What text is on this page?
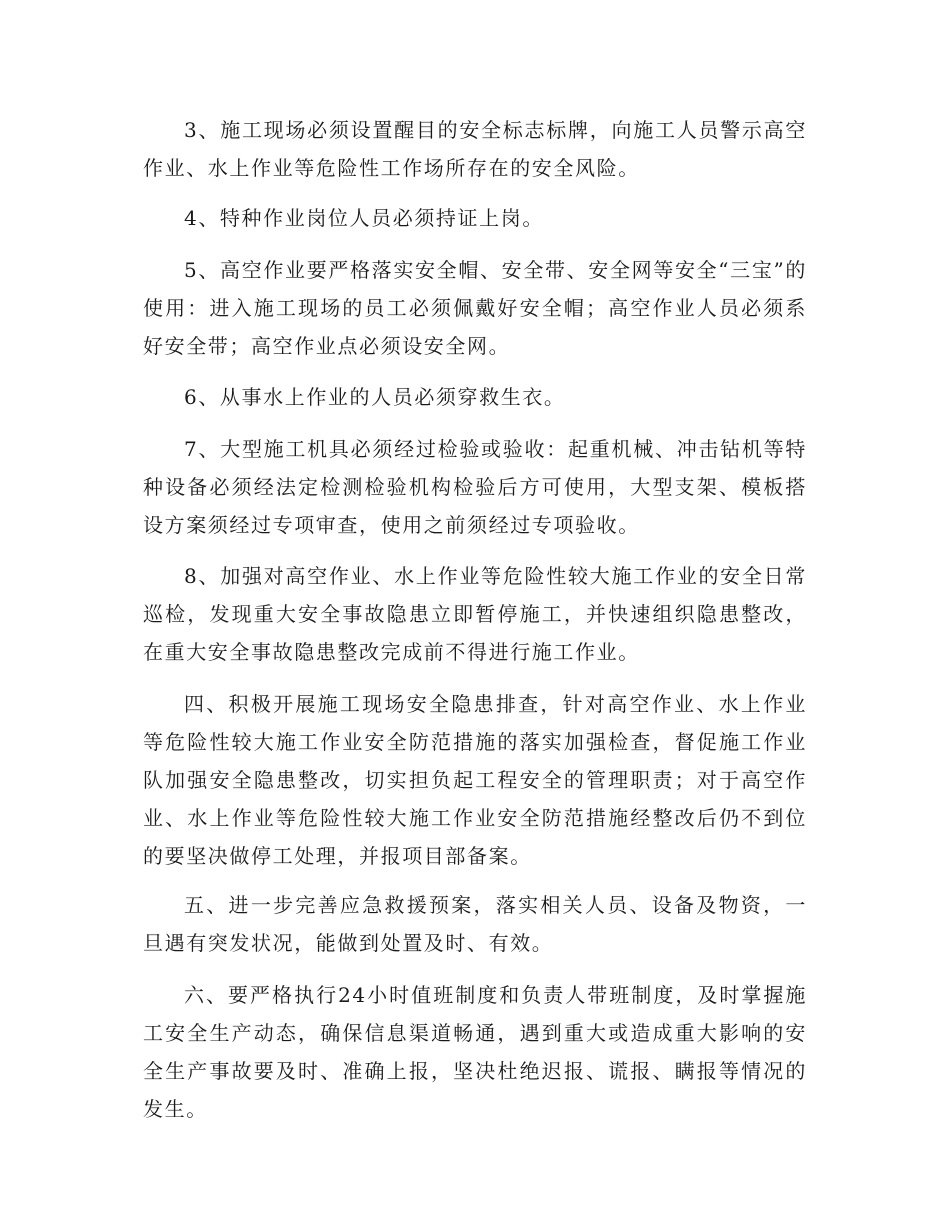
3、施工现场必须设置醒目的安全标志标牌，向施工人员警示高空作业、水上作业等危险性工作场所存在的安全风险。

4、特种作业岗位人员必须持证上岗。

5、高空作业要严格落实安全帽、安全带、安全网等安全“三宝”的使用：进入施工现场的员工必须佩戴好安全帽；高空作业人员必须系好安全带；高空作业点必须设安全网。

6、从事水上作业的人员必须穿救生衣。

7、大型施工机具必须经过检验或验收：起重机械、冲击钻机等特种设备必须经法定检测检验机构检验后方可使用，大型支架、模板搭设方案须经过专项审查，使用之前须经过专项验收。

8、加强对高空作业、水上作业等危险性较大施工作业的安全日常巡检，发现重大安全事故隐患立即暂停施工，并快速组织隐患整改，在重大安全事故隐患整改完成前不得进行施工作业。

四、积极开展施工现场安全隐患排查，针对高空作业、水上作业等危险性较大施工作业安全防范措施的落实加强检查，督促施工作业队加强安全隐患整改，切实担负起工程安全的管理职责；对于高空作业、水上作业等危险性较大施工作业安全防范措施经整改后仍不到位的要坚决做停工处理，并报项目部备案。

五、进一步完善应急救援预案，落实相关人员、设备及物资，一旦遇有突发状况，能做到处置及时、有效。

六、要严格执行24小时值班制度和负责人带班制度，及时掌握施工安全生产动态，确保信息渠道畅通，遇到重大或造成重大影响的安全生产事故要及时、准确上报，坚决杜绝迟报、谎报、瞒报等情况的发生。
